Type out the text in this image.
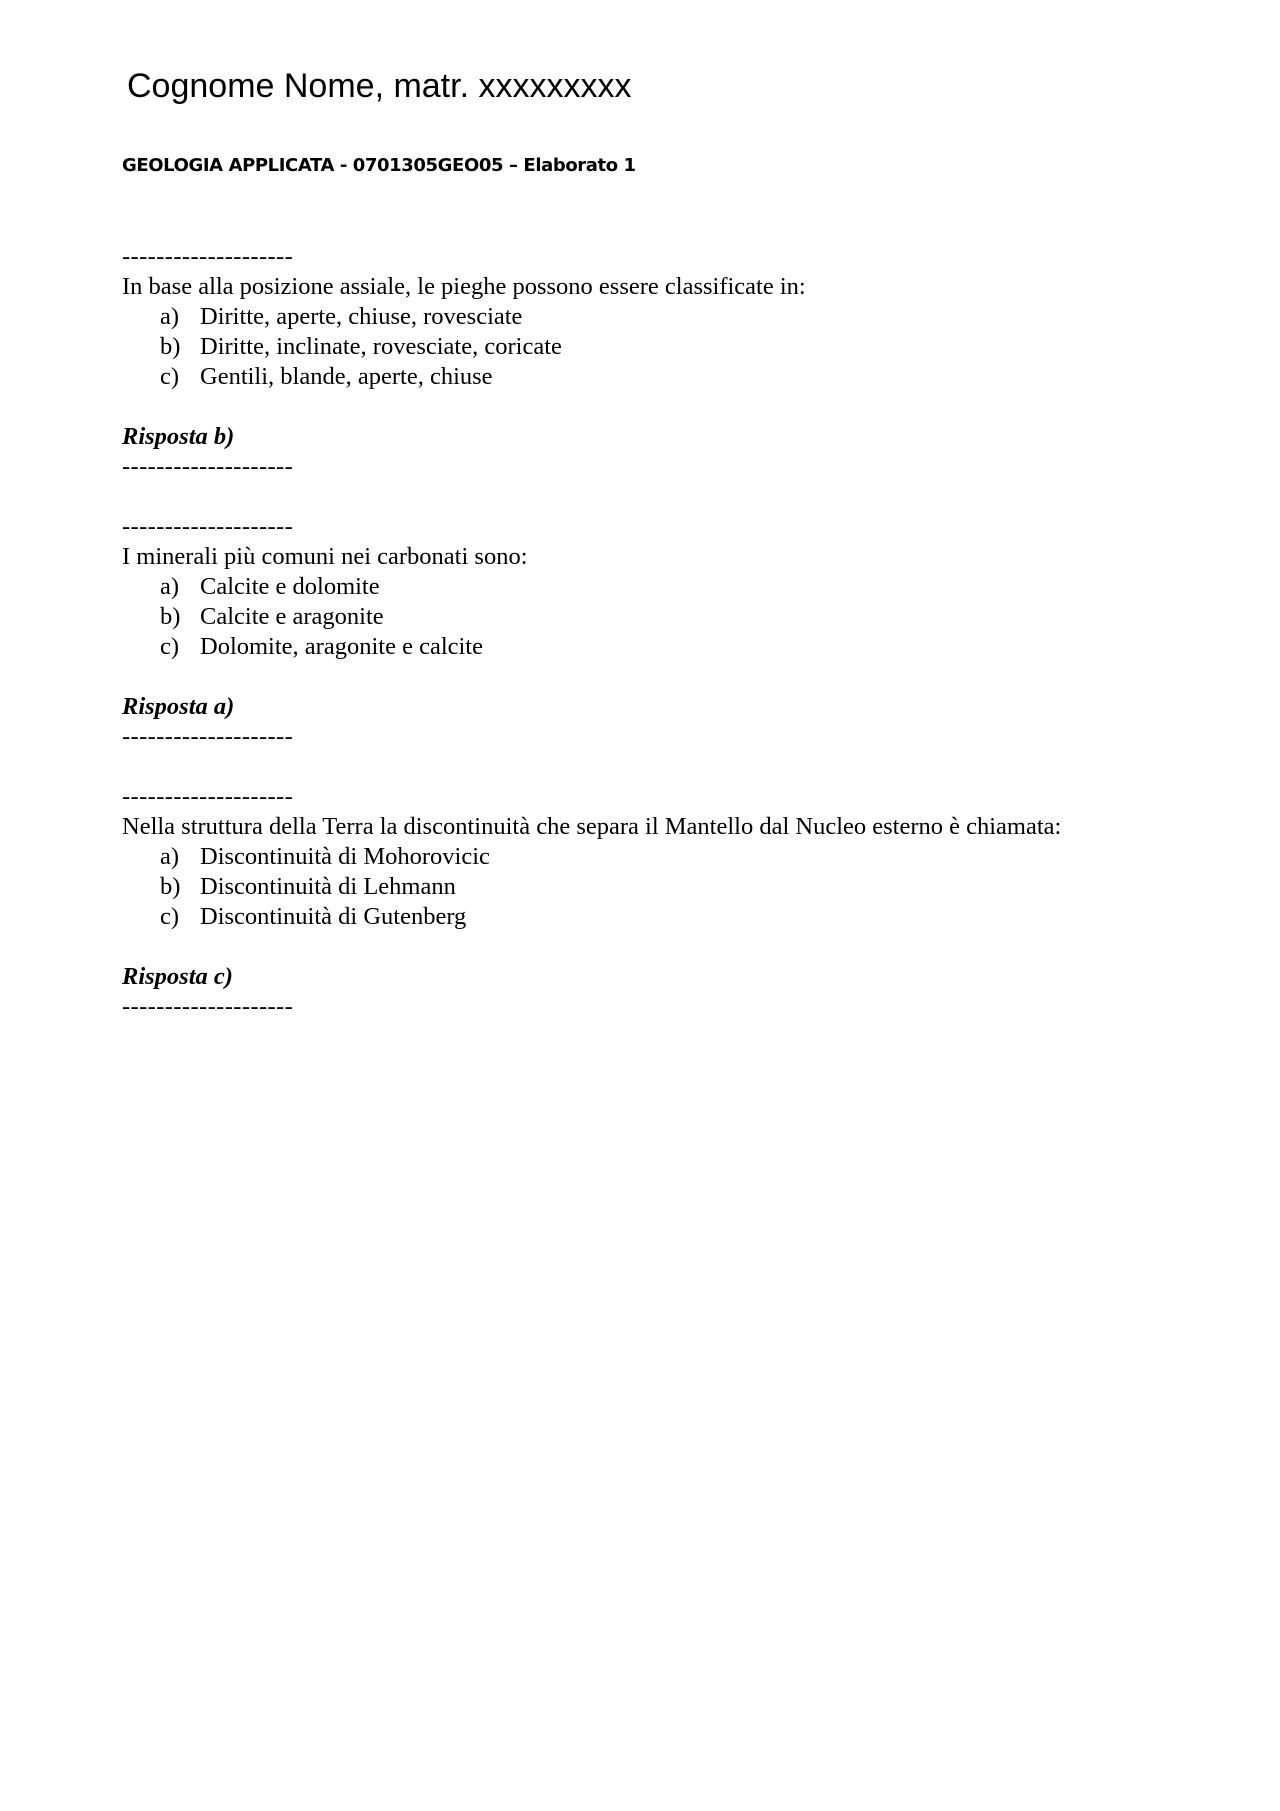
Cognome Nome, matr. xxxxxxxxx
GEOLOGIA APPLICATA - 0701305GEO05 – Elaborato 1
--------------------
In base alla posizione assiale, le pieghe possono essere classificate in:
a) Diritte, aperte, chiuse, rovesciate
b) Diritte, inclinate, rovesciate, coricate
c) Gentili, blande, aperte, chiuse
Risposta b)
--------------------
--------------------
I minerali più comuni nei carbonati sono:
a) Calcite e dolomite
b) Calcite e aragonite
c) Dolomite, aragonite e calcite
Risposta a)
--------------------
--------------------
Nella struttura della Terra la discontinuità che separa il Mantello dal Nucleo esterno è chiamata:
a) Discontinuità di Mohorovicic
b) Discontinuità di Lehmann
c) Discontinuità di Gutenberg
Risposta c)
--------------------
